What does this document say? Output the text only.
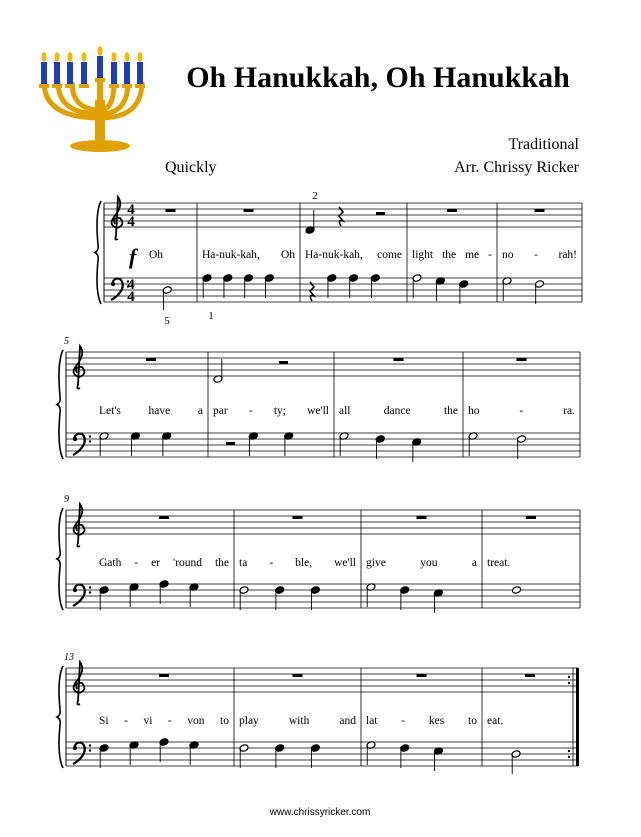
Oh Hanukkah, Oh Hanukkah
Traditional
Arr. Chrissy Ricker
Quickly
f
2
5	1
4
4
4
4
Oh	Ha-nuk-kah, Oh Ha-nuk-kah, come light the me - no - rah!
5
Let's have a par - ty; we'll all	dance	the ho	-	ra.
9
Gath - er 'round the ta - ble, we'll give	you	a treat.
13
Si - vi - von to play	with	and lat - kes to eat.
www.chrissyricker.com
